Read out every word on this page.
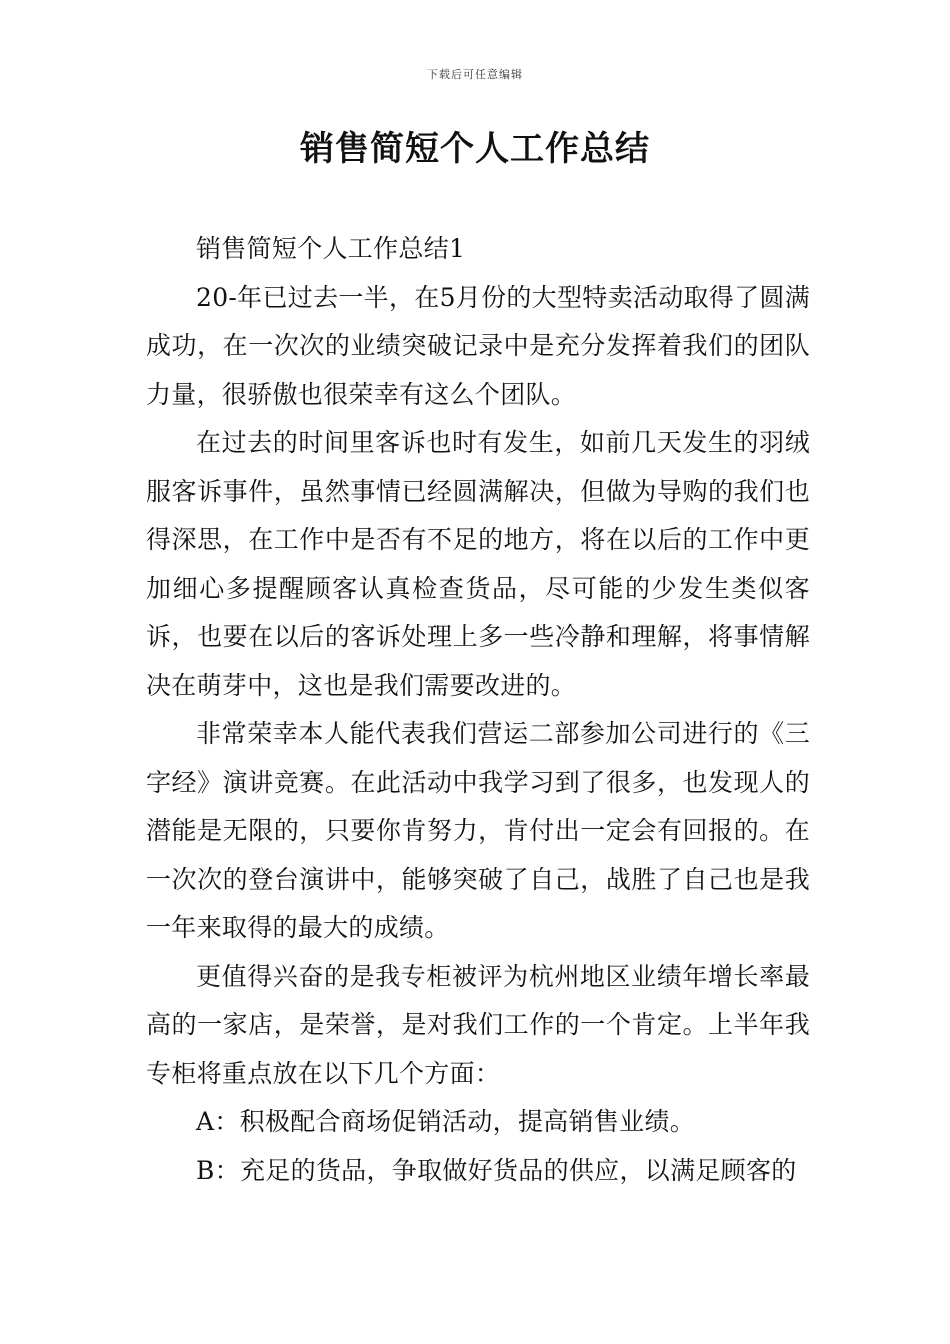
下载后可任意编辑
销售简短个人工作总结

销售简短个人工作总结1

20-年已过去一半，在5月份的大型特卖活动取得了圆满成功，在一次次的业绩突破记录中是充分发挥着我们的团队力量，很骄傲也很荣幸有这么个团队。

在过去的时间里客诉也时有发生，如前几天发生的羽绒服客诉事件，虽然事情已经圆满解决，但做为导购的我们也得深思，在工作中是否有不足的地方，将在以后的工作中更加细心多提醒顾客认真检查货品，尽可能的少发生类似客诉，也要在以后的客诉处理上多一些冷静和理解，将事情解决在萌芽中，这也是我们需要改进的。

非常荣幸本人能代表我们营运二部参加公司进行的《三字经》演讲竞赛。在此活动中我学习到了很多，也发现人的潜能是无限的，只要你肯努力，肯付出一定会有回报的。在一次次的登台演讲中，能够突破了自己，战胜了自己也是我一年来取得的最大的成绩。

更值得兴奋的是我专柜被评为杭州地区业绩年增长率最高的一家店，是荣誉，是对我们工作的一个肯定。上半年我专柜将重点放在以下几个方面：

A：积极配合商场促销活动，提高销售业绩。

B：充足的货品，争取做好货品的供应，以满足顾客的
